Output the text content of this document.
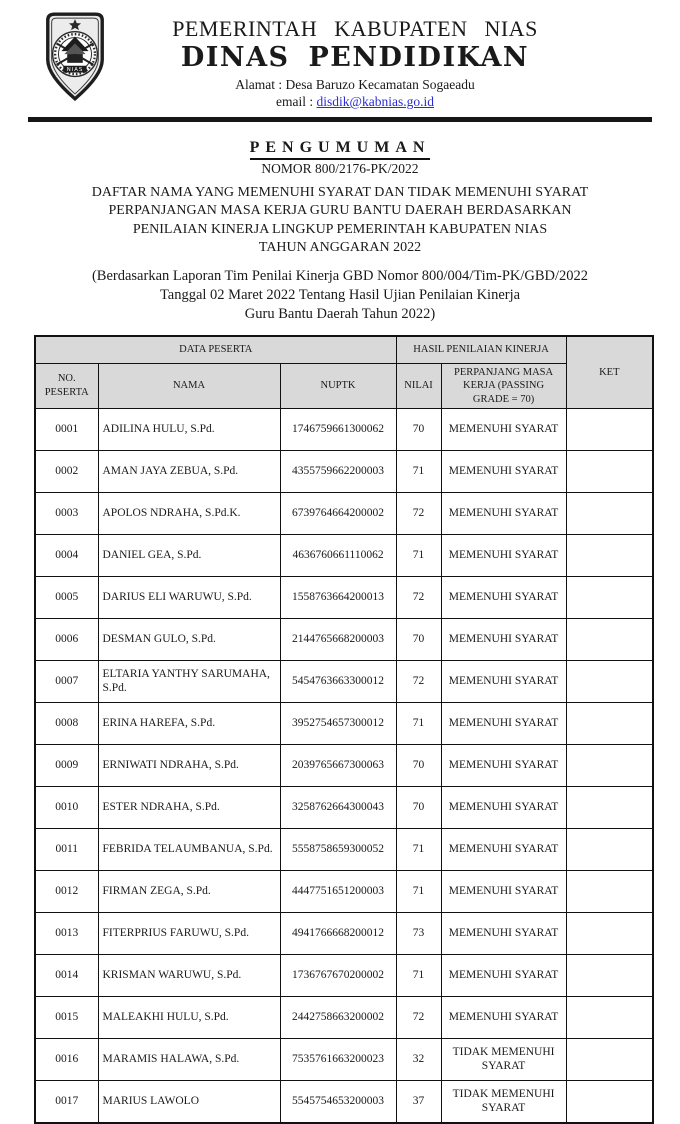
NIAS
PEMERINTAH KABUPATEN NIAS
DINAS PENDIDIKAN
Alamat : Desa Baruzo Kecamatan Sogaeadu
email : disdik@kabnias.go.id
PENGUMUMAN
NOMOR 800/2176-PK/2022
DAFTAR NAMA YANG MEMENUHI SYARAT DAN TIDAK MEMENUHI SYARAT
PERPANJANGAN MASA KERJA GURU BANTU DAERAH BERDASARKAN
PENILAIAN KINERJA LINGKUP PEMERINTAH KABUPATEN NIAS
TAHUN ANGGARAN 2022
(Berdasarkan Laporan Tim Penilai Kinerja GBD Nomor 800/004/Tim-PK/GBD/2022
Tanggal 02 Maret 2022 Tentang Hasil Ujian Penilaian Kinerja
Guru Bantu Daerah Tahun 2022)
DATA PESERTA			HASIL PENILAIAN KINERJA		KET
NO. PESERTA	NAMA	NUPTK	NILAI	PERPANJANG MASA KERJA (PASSING GRADE = 70)	
0001	ADILINA HULU, S.Pd.	1746759661300062	70	MEMENUHI SYARAT	
0002	AMAN JAYA ZEBUA, S.Pd.	4355759662200003	71	MEMENUHI SYARAT	
0003	APOLOS NDRAHA, S.Pd.K.	6739764664200002	72	MEMENUHI SYARAT	
0004	DANIEL GEA, S.Pd.	4636760661110062	71	MEMENUHI SYARAT	
0005	DARIUS ELI WARUWU, S.Pd.	1558763664200013	72	MEMENUHI SYARAT	
0006	DESMAN GULO, S.Pd.	2144765668200003	70	MEMENUHI SYARAT	
0007	ELTARIA YANTHY SARUMAHA, S.Pd.	5454763663300012	72	MEMENUHI SYARAT	
0008	ERINA HAREFA, S.Pd.	3952754657300012	71	MEMENUHI SYARAT	
0009	ERNIWATI NDRAHA, S.Pd.	2039765667300063	70	MEMENUHI SYARAT	
0010	ESTER NDRAHA, S.Pd.	3258762664300043	70	MEMENUHI SYARAT	
0011	FEBRIDA TELAUMBANUA, S.Pd.	5558758659300052	71	MEMENUHI SYARAT	
0012	FIRMAN ZEGA, S.Pd.	4447751651200003	71	MEMENUHI SYARAT	
0013	FITERPRIUS FARUWU, S.Pd.	4941766668200012	73	MEMENUHI SYARAT	
0014	KRISMAN WARUWU, S.Pd.	1736767670200002	71	MEMENUHI SYARAT	
0015	MALEAKHI HULU, S.Pd.	2442758663200002	72	MEMENUHI SYARAT	
0016	MARAMIS HALAWA, S.Pd.	7535761663200023	32	TIDAK MEMENUHI SYARAT	
0017	MARIUS LAWOLO	5545754653200003	37	TIDAK MEMENUHI SYARAT	
